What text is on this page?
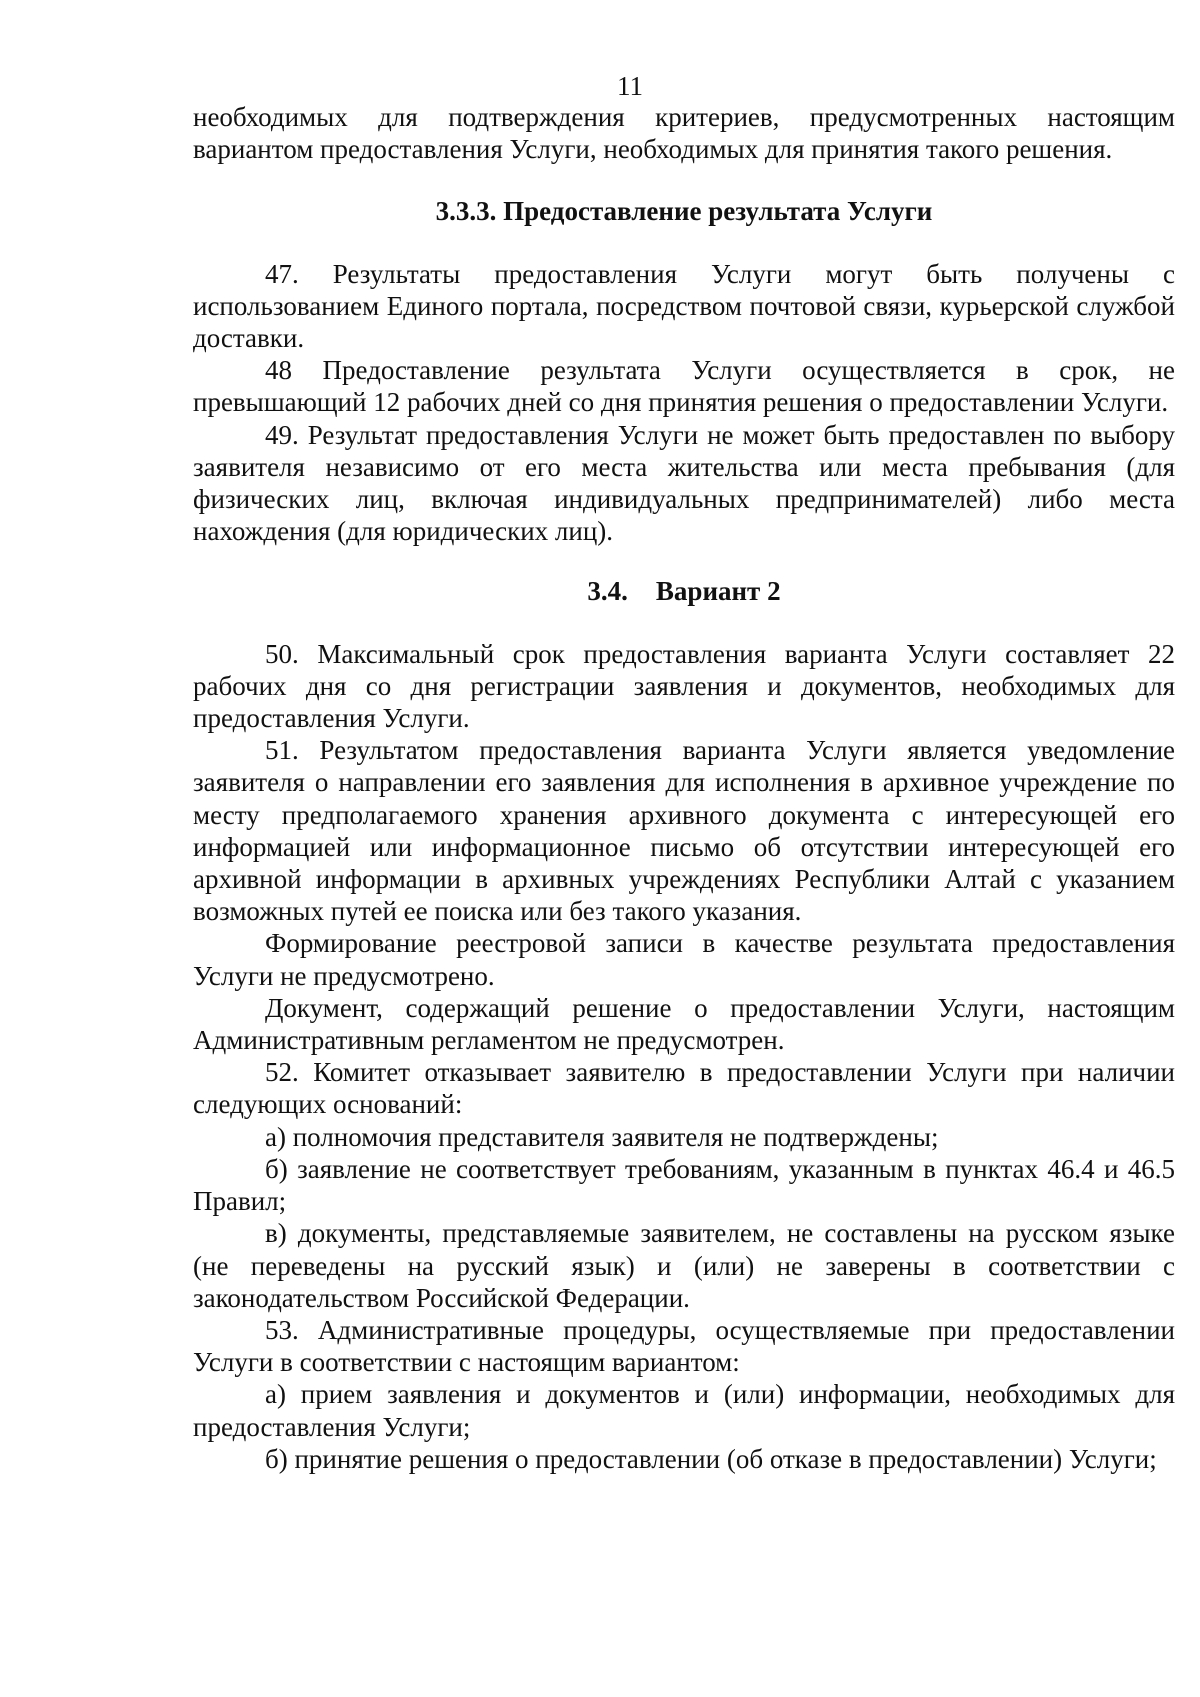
11

необходимых для подтверждения критериев, предусмотренных настоящим вариантом предоставления Услуги, необходимых для принятия такого решения.

3.3.3. Предоставление результата Услуги

47. Результаты предоставления Услуги могут быть получены с использованием Единого портала, посредством почтовой связи, курьерской службой доставки.

48 Предоставление результата Услуги осуществляется в срок, не превышающий 12 рабочих дней со дня принятия решения о предоставлении Услуги.

49. Результат предоставления Услуги не может быть предоставлен по выбору заявителя независимо от его места жительства или места пребывания (для физических лиц, включая индивидуальных предпринимателей) либо места нахождения (для юридических лиц).

3.4. Вариант 2

50. Максимальный срок предоставления варианта Услуги составляет 22 рабочих дня со дня регистрации заявления и документов, необходимых для предоставления Услуги.

51. Результатом предоставления варианта Услуги является уведомление заявителя о направлении его заявления для исполнения в архивное учреждение по месту предполагаемого хранения архивного документа с интересующей его информацией или информационное письмо об отсутствии интересующей его архивной информации в архивных учреждениях Республики Алтай с указанием возможных путей ее поиска или без такого указания.

Формирование реестровой записи в качестве результата предоставления Услуги не предусмотрено.

Документ, содержащий решение о предоставлении Услуги, настоящим Административным регламентом не предусмотрен.

52. Комитет отказывает заявителю в предоставлении Услуги при наличии следующих оснований:

а) полномочия представителя заявителя не подтверждены;

б) заявление не соответствует требованиям, указанным в пунктах 46.4 и 46.5 Правил;

в) документы, представляемые заявителем, не составлены на русском языке (не переведены на русский язык) и (или) не заверены в соответствии с законодательством Российской Федерации.

53. Административные процедуры, осуществляемые при предоставлении Услуги в соответствии с настоящим вариантом:

а) прием заявления и документов и (или) информации, необходимых для предоставления Услуги;

б) принятие решения о предоставлении (об отказе в предоставлении) Услуги;
